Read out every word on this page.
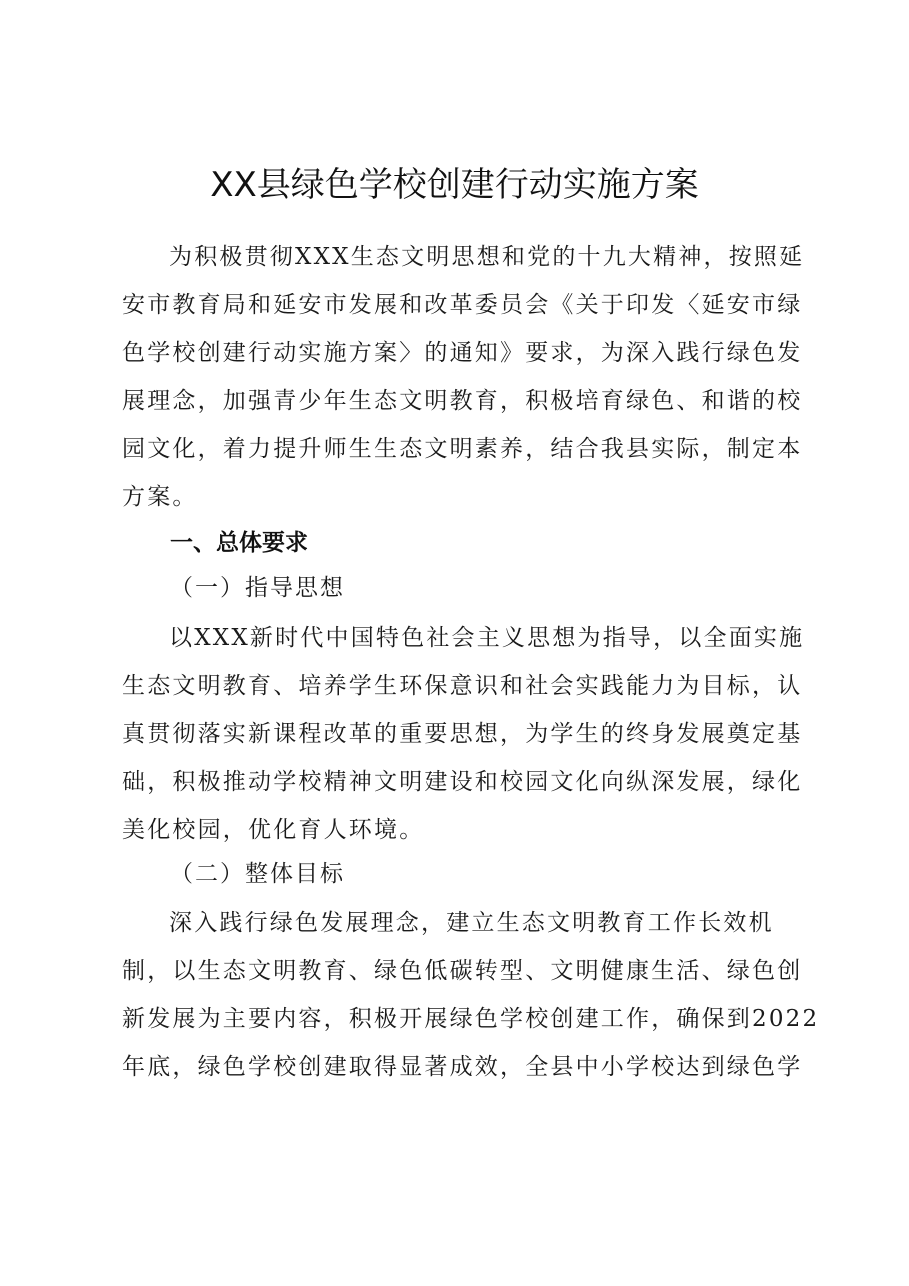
XX县绿色学校创建行动实施方案
为积极贯彻XXX生态文明思想和党的十九大精神，按照延
安市教育局和延安市发展和改革委员会《关于印发〈延安市绿
色学校创建行动实施方案〉的通知》要求，为深入践行绿色发
展理念，加强青少年生态文明教育，积极培育绿色、和谐的校
园文化，着力提升师生生态文明素养，结合我县实际，制定本
方案。
一、总体要求
（一）指导思想
以XXX新时代中国特色社会主义思想为指导，以全面实施
生态文明教育、培养学生环保意识和社会实践能力为目标，认
真贯彻落实新课程改革的重要思想，为学生的终身发展奠定基
础，积极推动学校精神文明建设和校园文化向纵深发展，绿化
美化校园，优化育人环境。
（二）整体目标
深入践行绿色发展理念，建立生态文明教育工作长效机
制，以生态文明教育、绿色低碳转型、文明健康生活、绿色创
新发展为主要内容，积极开展绿色学校创建工作，确保到2022
年底，绿色学校创建取得显著成效，全县中小学校达到绿色学
